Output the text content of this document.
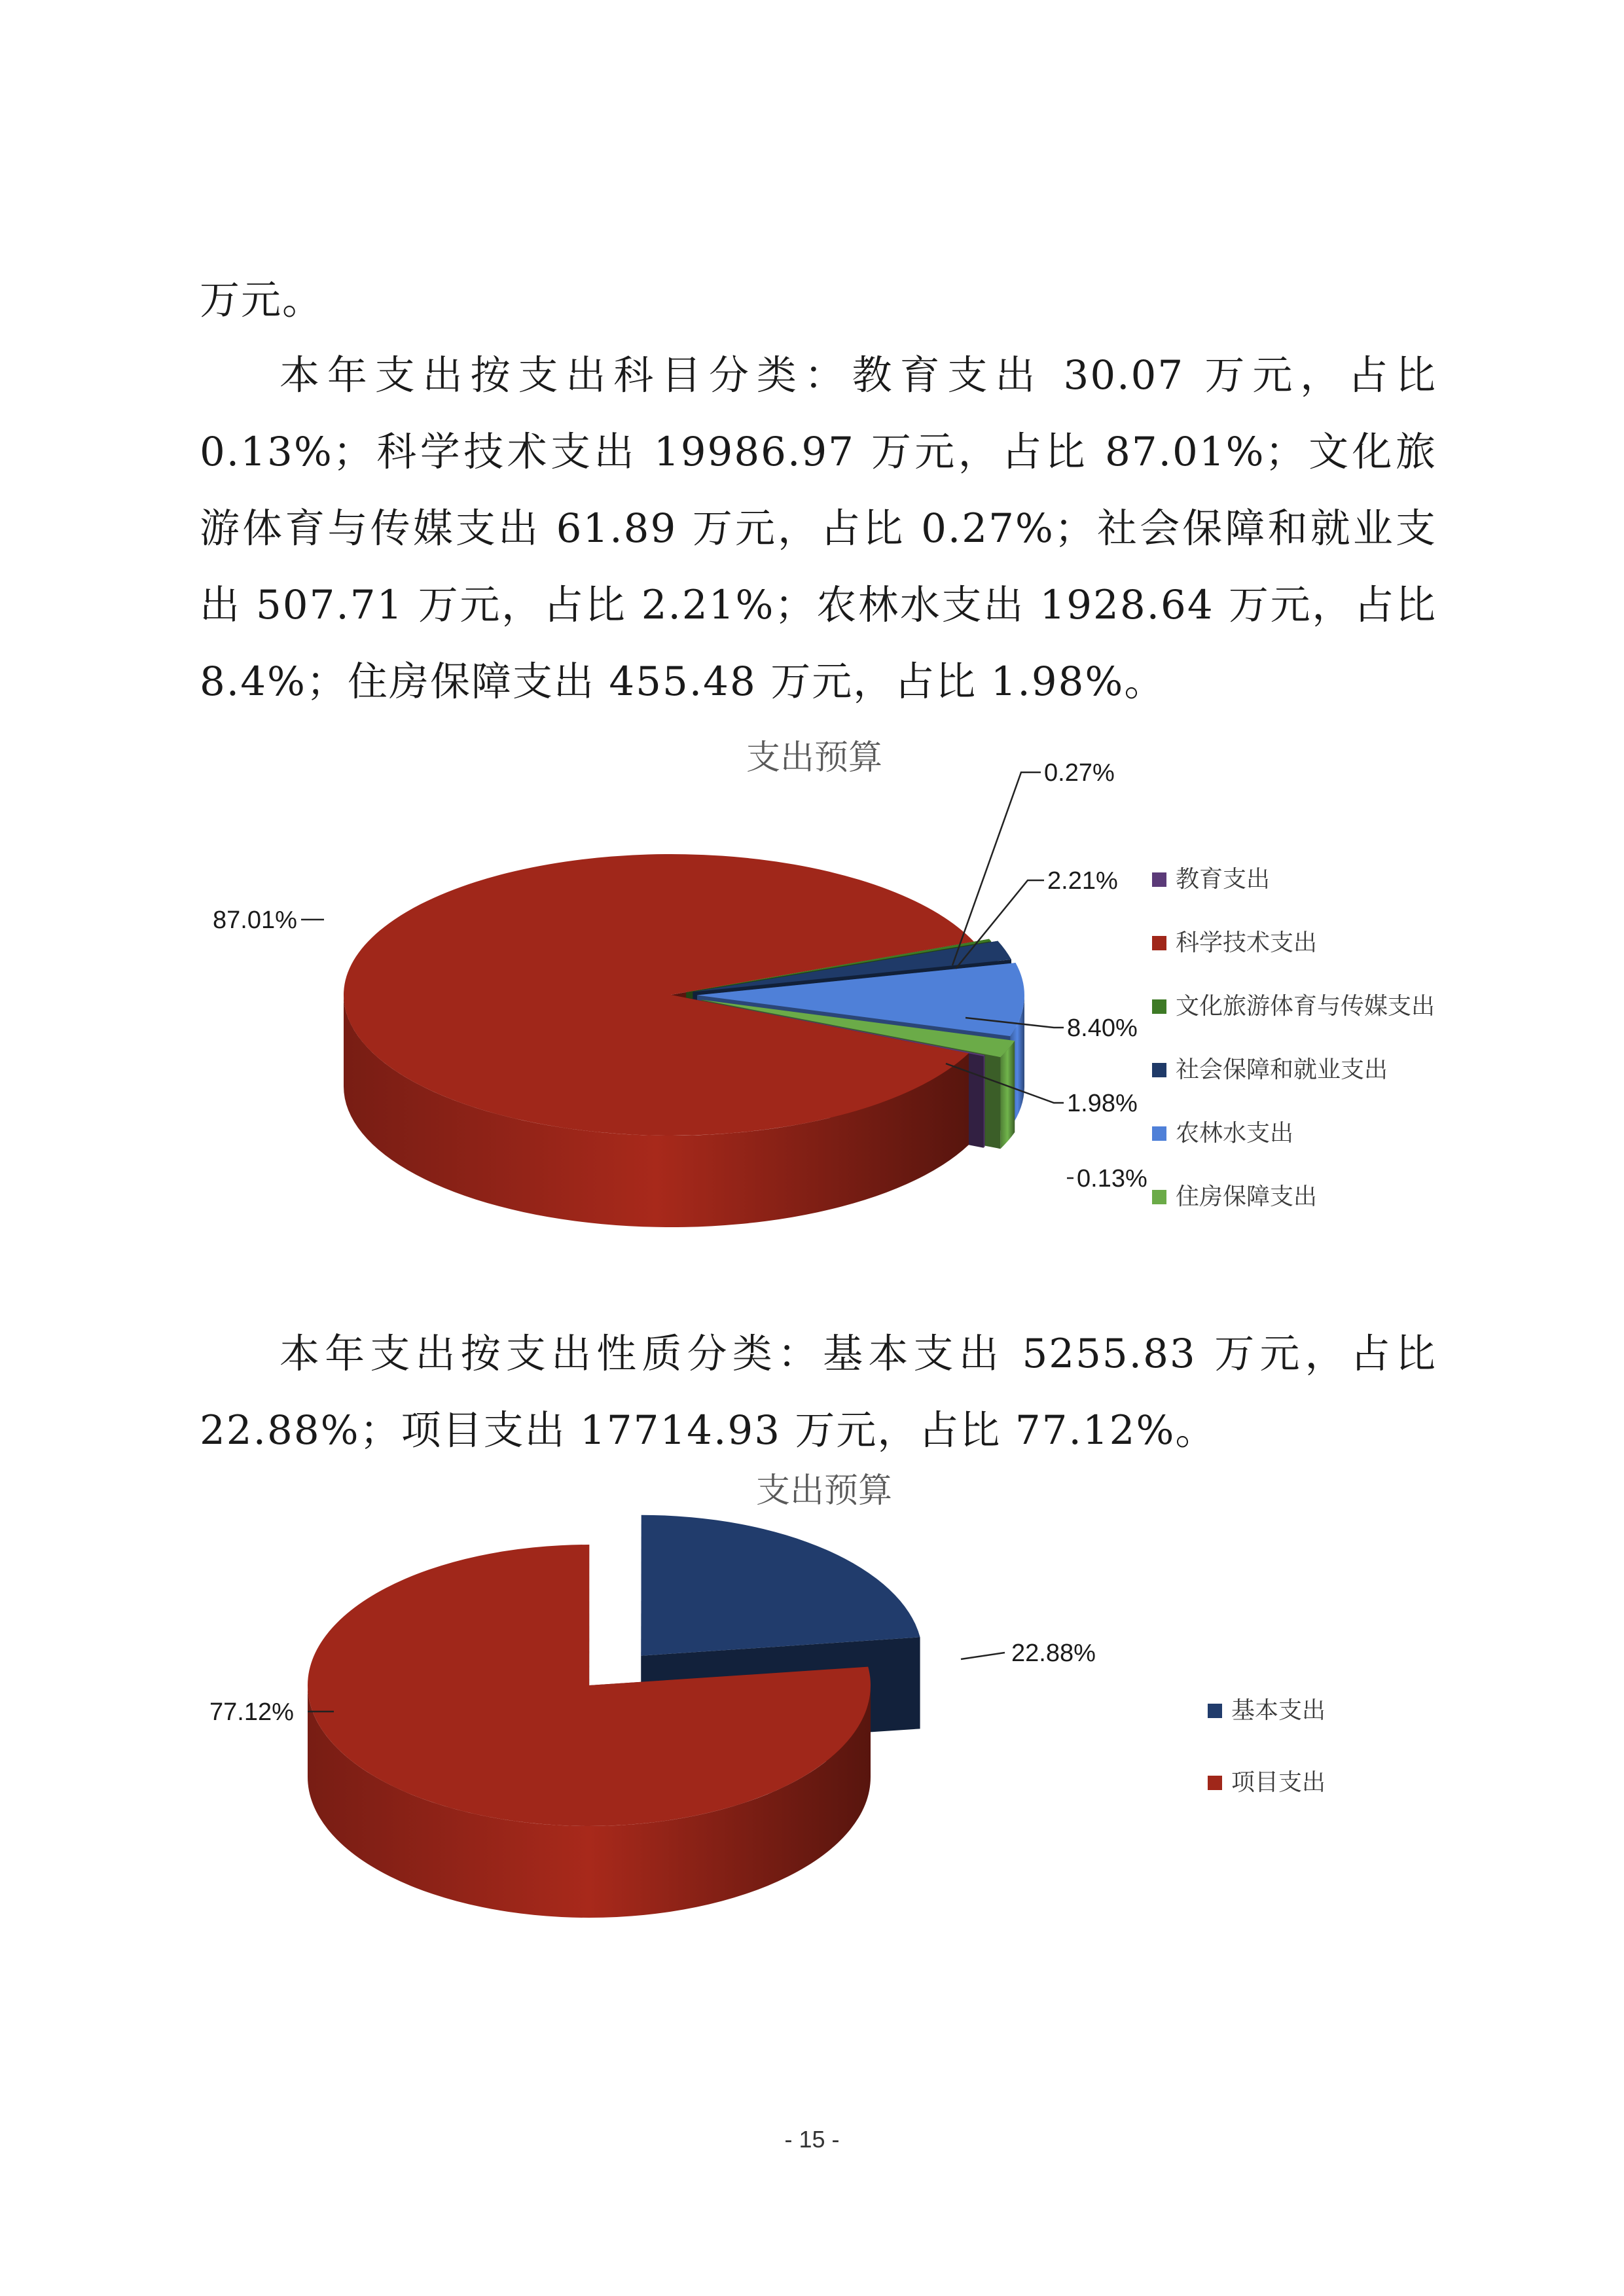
万元。
本年支出按支出科目分类：教育支出 30.07 万元，占比 0.13%；科学技术支出 19986.97 万元，占比 87.01%；文化旅游体育与传媒支出 61.89 万元，占比 0.27%；社会保障和就业支出 507.71 万元，占比 2.21%；农林水支出 1928.64 万元，占比 8.4%；住房保障支出 455.48 万元，占比 1.98%。
支出预算
0.13%
87.01%
0.27%
2.21%
8.40%
1.98%
教育支出
科学技术支出
文化旅游体育与传媒支出
社会保障和就业支出
农林水支出
住房保障支出
本年支出按支出性质分类：基本支出 5255.83 万元，占比 22.88%；项目支出 17714.93 万元，占比 77.12%。
支出预算
22.88%
77.12%	基本支出
项目支出
- 15 -
